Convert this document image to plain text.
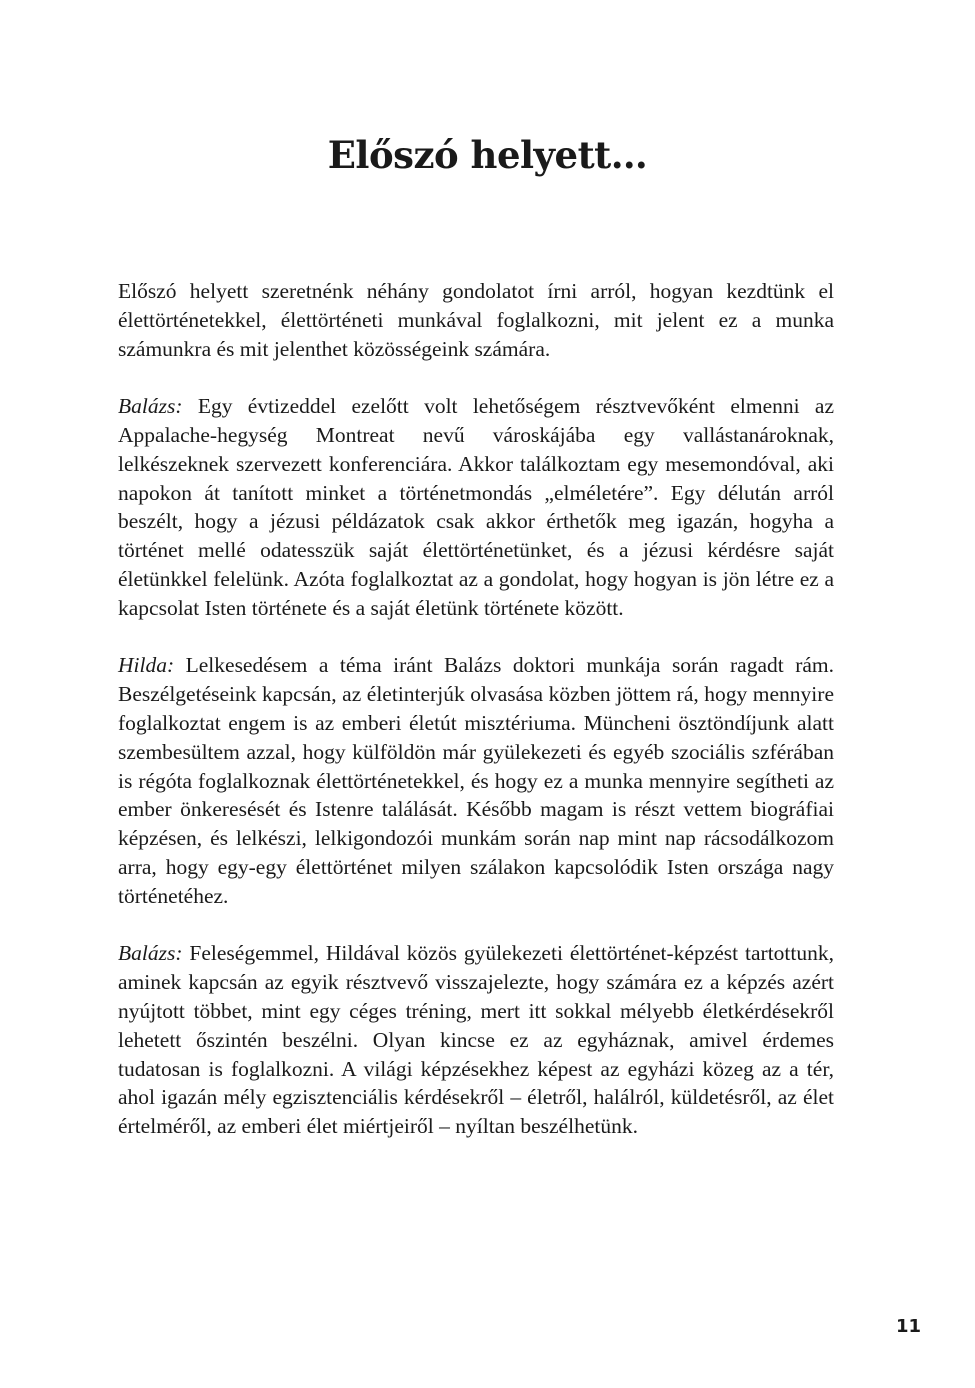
Előszó helyett…

Előszó helyett szeretnénk néhány gondolatot írni arról, hogyan kezdtünk el élettörténetekkel, élettörténeti munkával foglalkozni, mit jelent ez a munka számunkra és mit jelenthet közösségeink számára.

Balázs: Egy évtizeddel ezelőtt volt lehetőségem résztvevőként elmenni az Appalache-hegység Montreat nevű városkájába egy vallástanároknak, lelkészeknek szervezett konferenciára. Akkor találkoztam egy mesemondóval, aki napokon át tanított minket a történetmondás „elméletére”. Egy délután arról beszélt, hogy a jézusi példázatok csak akkor érthetők meg igazán, hogyha a történet mellé odatesszük saját élettörténetünket, és a jézusi kérdésre saját életünkkel felelünk. Azóta foglalkoztat az a gondolat, hogy hogyan is jön létre ez a kapcsolat Isten története és a saját életünk története között.

Hilda: Lelkesedésem a téma iránt Balázs doktori munkája során ragadt rám. Beszélgetéseink kapcsán, az életinterjúk olvasása közben jöttem rá, hogy mennyire foglalkoztat engem is az emberi életút misztériuma. Müncheni ösztöndíjunk alatt szembesültem azzal, hogy külföldön már gyülekezeti és egyéb szociális szférában is régóta foglalkoznak élettörténetekkel, és hogy ez a munka mennyire segítheti az ember önkeresését és Istenre találását. Később magam is részt vettem biográfiai képzésen, és lelkészi, lelkigondozói munkám során nap mint nap rácsodálkozom arra, hogy egy-egy élettörténet milyen szálakon kapcsolódik Isten országa nagy történetéhez.

Balázs: Feleségemmel, Hildával közös gyülekezeti élettörténet-képzést tartottunk, aminek kapcsán az egyik résztvevő visszajelezte, hogy számára ez a képzés azért nyújtott többet, mint egy céges tréning, mert itt sokkal mélyebb életkérdésekről lehetett őszintén beszélni. Olyan kincse ez az egyháznak, amivel érdemes tudatosan is foglalkozni. A világi képzésekhez képest az egyházi közeg az a tér, ahol igazán mély egzisztenciális kérdésekről – életről, halálról, küldetésről, az élet értelméről, az emberi élet miértjeiről – nyíltan beszélhetünk.

11
